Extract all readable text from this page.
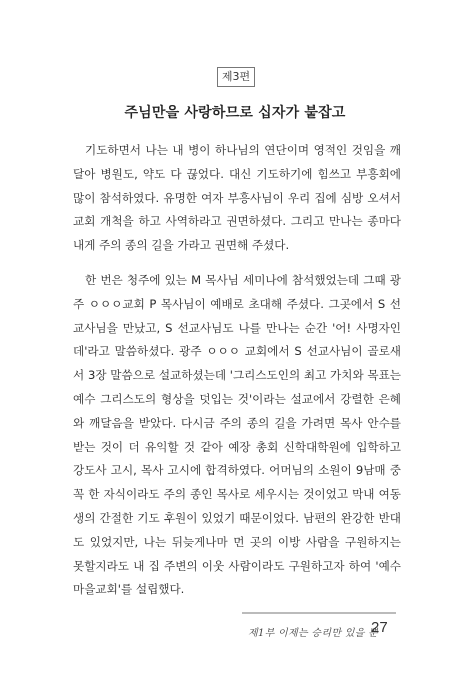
제3편
주님만을 사랑하므로 십자가 붙잡고

기도하면서 나는 내 병이 하나님의 연단이며 영적인 것임을 깨달아 병원도, 약도 다 끊었다. 대신 기도하기에 힘쓰고 부흥회에 많이 참석하였다. 유명한 여자 부흥사님이 우리 집에 심방 오셔서 교회 개척을 하고 사역하라고 권면하셨다. 그리고 만나는 종마다 내게 주의 종의 길을 가라고 권면해 주셨다.

한 번은 청주에 있는 M 목사님 세미나에 참석했었는데 그때 광주 ㅇㅇㅇ교회 P 목사님이 예배로 초대해 주셨다. 그곳에서 S 선교사님을 만났고, S 선교사님도 나를 만나는 순간 '어! 사명자인데'라고 말씀하셨다. 광주 ㅇㅇㅇ 교회에서 S 선교사님이 골로새서 3장 말씀으로 설교하셨는데 '그리스도인의 최고 가치와 목표는 예수 그리스도의 형상을 덧입는 것'이라는 설교에서 강렬한 은혜와 깨달음을 받았다. 다시금 주의 종의 길을 가려면 목사 안수를 받는 것이 더 유익할 것 같아 예장 총회 신학대학원에 입학하고 강도사 고시, 목사 고시에 합격하였다. 어머님의 소원이 9남매 중 꼭 한 자식이라도 주의 종인 목사로 세우시는 것이었고 막내 여동생의 간절한 기도 후원이 있었기 때문이었다. 남편의 완강한 반대도 있었지만, 나는 뒤늦게나마 먼 곳의 이방 사람을 구원하지는 못할지라도 내 집 주변의 이웃 사람이라도 구원하고자 하여 '예수마을교회'를 설립했다.

제1부 이제는 승리만 있을 뿐
27
